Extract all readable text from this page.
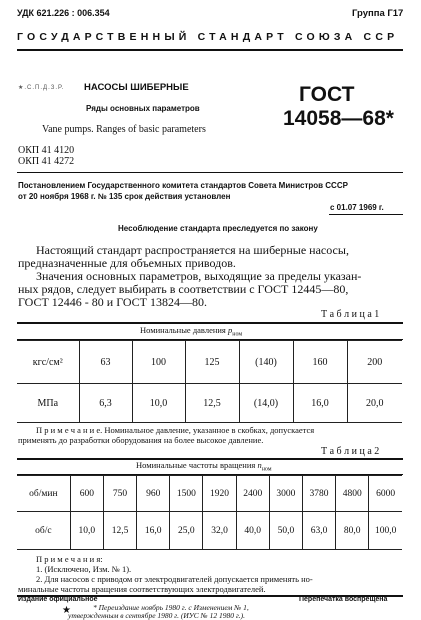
УДК 621.226 : 006.354	Группа Г17
ГОСУДАРСТВЕННЫЙ СТАНДАРТ СОЮЗА ССР
★.С.П.Д.З.Р. НАСОСЫ ШИБЕРНЫЕ
Ряды основных параметров
Vane pumps. Ranges of basic parameters
ГОСТ
14058—68*
ОКП 41 4120
ОКП 41 4272
Постановлением Государственного комитета стандартов Совета Министров СССР
от 20 ноября 1968 г. № 135 срок действия установлен
с 01.07 1969 г.
Несоблюдение стандарта преследуется по закону
Настоящий стандарт распространяется на шиберные насосы,
предназначенные для объемных приводов.
Значения основных параметров, выходящие за пределы указан-
ных рядов, следует выбирать в соответствии с ГОСТ 12445—80,
ГОСТ 12446 - 80 и ГОСТ 13824—80.
Т а б л и ц а 1
Номинальные давления $p_{ном}$
кгс/см²	63	100	125	(140)	160	200
МПа	6,3	10,0	12,5	(14,0)	16,0	20,0
П р и м е ч а н и е. Номинальное давление, указанное в скобках, допускается
применять до разработки оборудования на более высокое давление.
Т а б л и ц а 2
Номинальные частоты вращения $n_{ном}$
об/мин	600	750	960	1500	1920	2400	3000	3780	4800	6000
об/с	10,0	12,5	16,0	25,0	32,0	40,0	50,0	63,0	80,0	100,0
П р и м е ч а н и я:
1. (Исключено, Изм. № 1).
2. Для насосов с приводом от электродвигателей допускается применять но-
минальные частоты вращения соответствующих электродвигателей.
Издание официальное	Перепечатка воспрещена
★	* Переиздание ноябрь 1980 г. с Изменением № 1,
утвержденным в сентябре 1980 г. (ИУС № 12 1980 г.).
